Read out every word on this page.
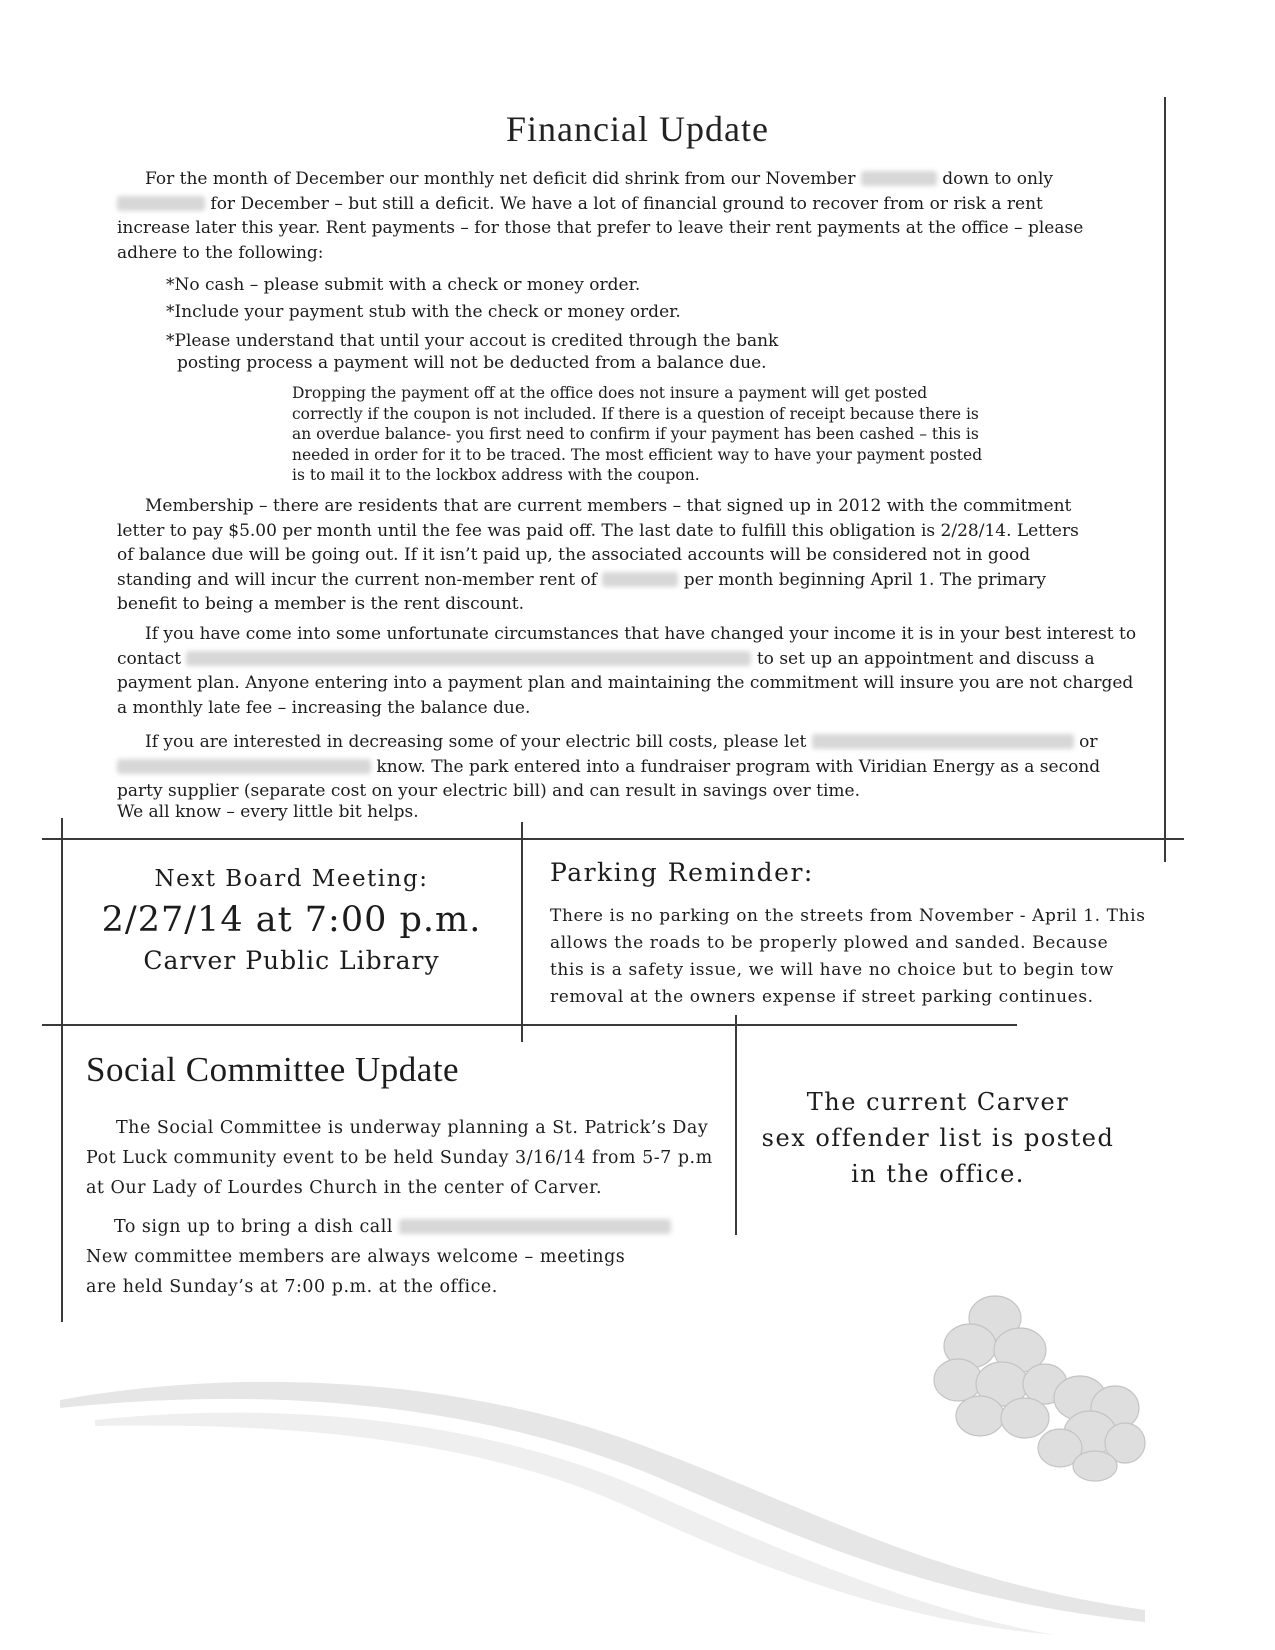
Financial Update

For the month of December our monthly net deficit did shrink from our November	down to only  for December – but still a deficit. We have a lot of financial ground to recover from or risk a rent increase later this year. Rent payments – for those that prefer to leave their rent payments at the office – please adhere to the following:

*No cash – please submit with a check or money order.

*Include your payment stub with the check or money order.

*Please understand that until your accout is credited through the bank

posting process a payment will not be deducted from a balance due.

Dropping the payment off at the office does not insure a payment will get posted correctly if the coupon is not included. If there is a question of receipt because there is an overdue balance- you first need to confirm if your payment has been cashed – this is needed in order for it to be traced. The most efficient way to have your payment posted is to mail it to the lockbox address with the coupon.

Membership – there are residents that are current members – that signed up in 2012 with the commitment letter to pay $5.00 per month until the fee was paid off. The last date to fulfill this obligation is 2/28/14. Letters of balance due will be going out. If it isn’t paid up, the associated accounts will be considered not in good standing and will incur the current non-member rent of	per month beginning April 1. The primary benefit to being a member is the rent discount.

If you have come into some unfortunate circumstances that have changed your income it is in your best interest to contact	to set up an appointment and discuss a payment plan. Anyone entering into a payment plan and maintaining the commitment will insure you are not charged a monthly late fee – increasing the balance due.

If you are interested in decreasing some of your electric bill costs, please let	or  know. The park entered into a fundraiser program with Viridian Energy as a second party supplier (separate cost on your electric bill) and can result in savings over time.

We all know – every little bit helps.

Next Board Meeting:
2/27/14 at 7:00 p.m.
Carver Public Library
Parking Reminder:
There is no parking on the streets from November - April 1. This allows the roads to be properly plowed and sanded. Because this is a safety issue, we will have no choice but to begin tow removal at the owners expense if street parking continues.
Social Committee Update
The Social Committee is underway planning a St. Patrick’s Day Pot Luck community event to be held Sunday 3/16/14 from 5-7 p.m at Our Lady of Lourdes Church in the center of Carver.
To sign up to bring a dish call
New committee members are always welcome – meetings
are held Sunday’s at 7:00 p.m. at the office.
The current Carver
sex offender list is posted
in the office.
